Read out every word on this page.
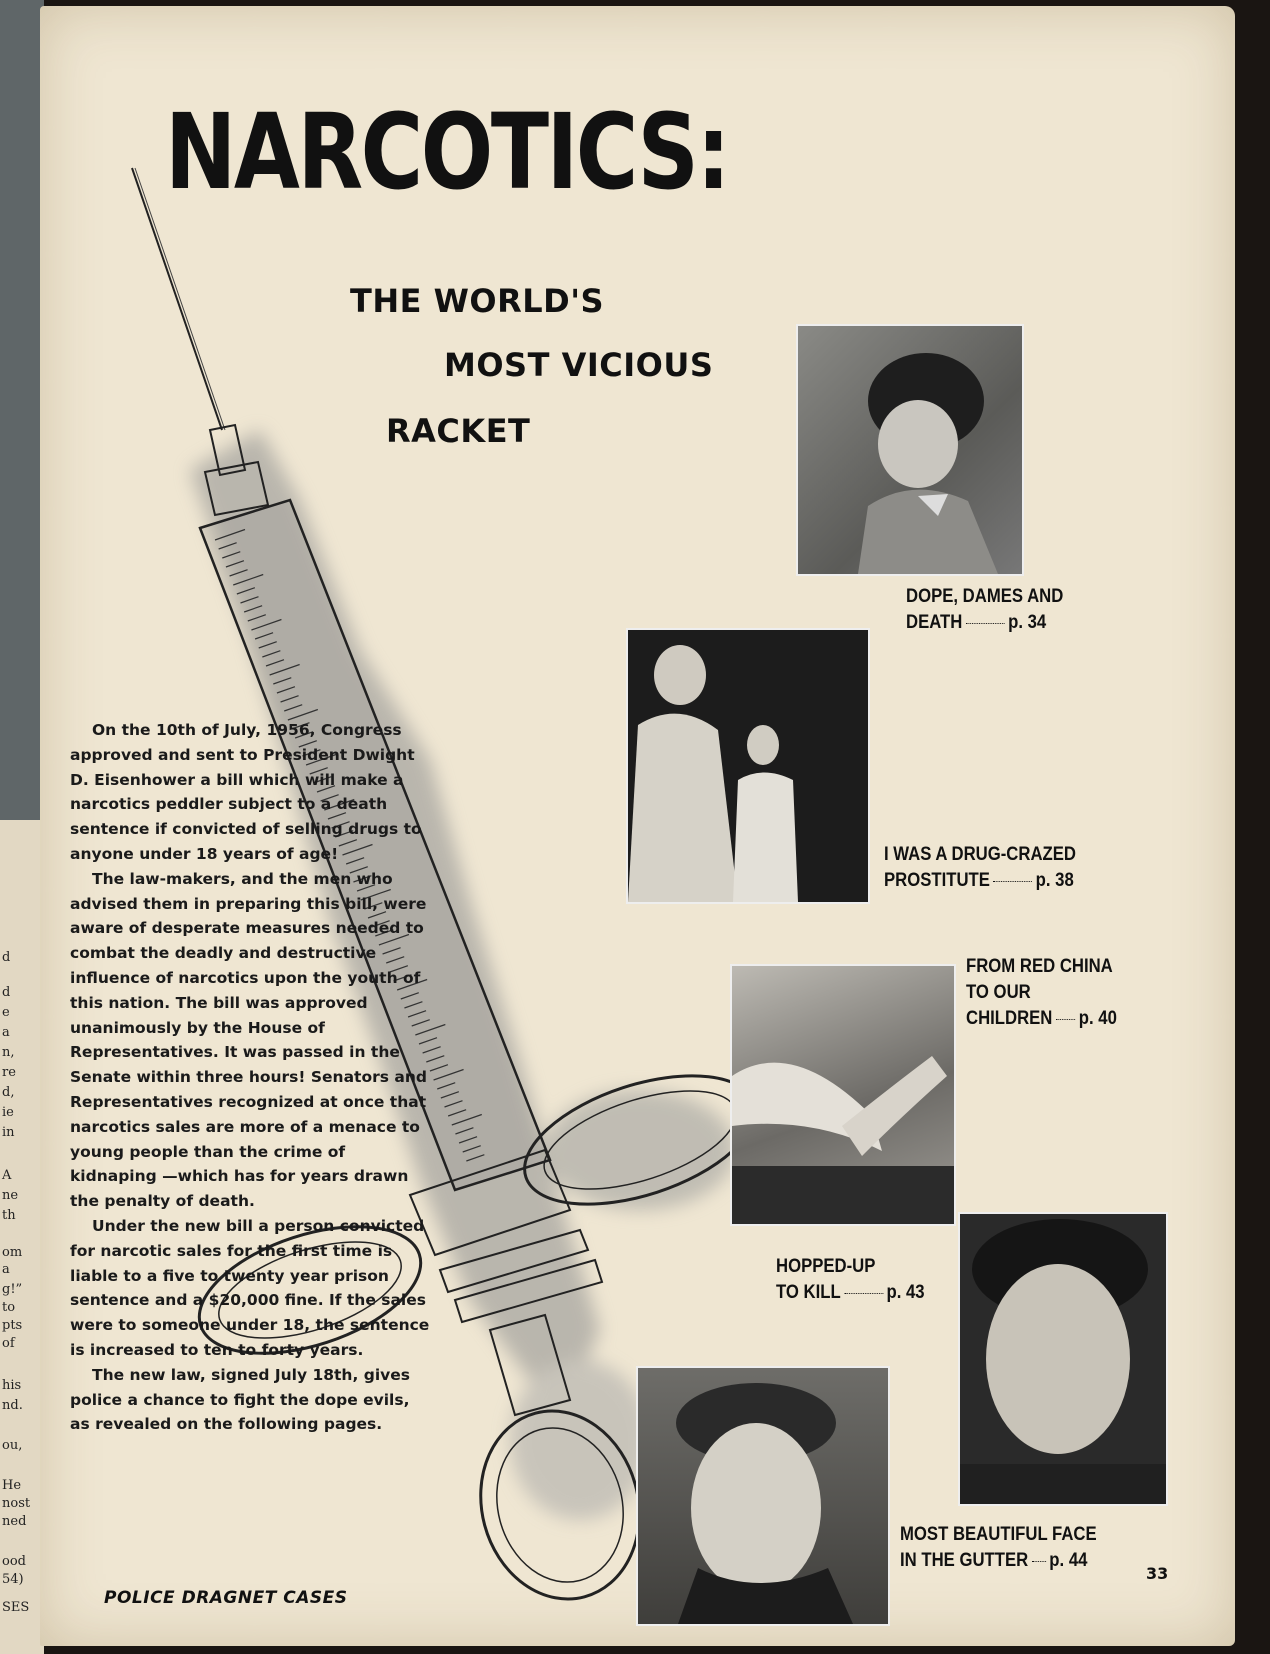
d
d
e
a
n,
re
d,
ie
in
A
ne
th
om
a
g!”
to
pts
of
his
nd.
ou,
He
nost
ned
ood
54)
SES
NARCOTICS:
THE WORLD'S
MOST VICIOUS
RACKET
DOPE, DAMES AND
DEATH p. 34
I WAS A DRUG-CRAZED
PROSTITUTE p. 38
FROM RED CHINA
TO OUR
CHILDREN p. 40
HOPPED-UP
TO KILL p. 43
MOST BEAUTIFUL FACE
IN THE GUTTER p. 44

On the 10th of July, 1956, Congress approved and sent to President Dwight D. Eisenhower a bill which will make a narcotics peddler subject to a death sentence if convicted of selling drugs to anyone under 18 years of age!

The law-makers, and the men who advised them in preparing this bill, were aware of desperate measures needed to combat the deadly and destructive influence of narcotics upon the youth of this nation. The bill was approved unanimously by the House of Representatives. It was passed in the Senate within three hours! Senators and Representatives recognized at once that narcotics sales are more of a menace to young people than the crime of kidnaping —which has for years drawn the penalty of death.

Under the new bill a person convicted for narcotic sales for the first time is liable to a five to twenty year prison sentence and a $20,000 fine. If the sales were to someone under 18, the sentence is increased to ten to forty years.

The new law, signed July 18th, gives police a chance to fight the dope evils, as revealed on the following pages.

POLICE DRAGNET CASES
33
